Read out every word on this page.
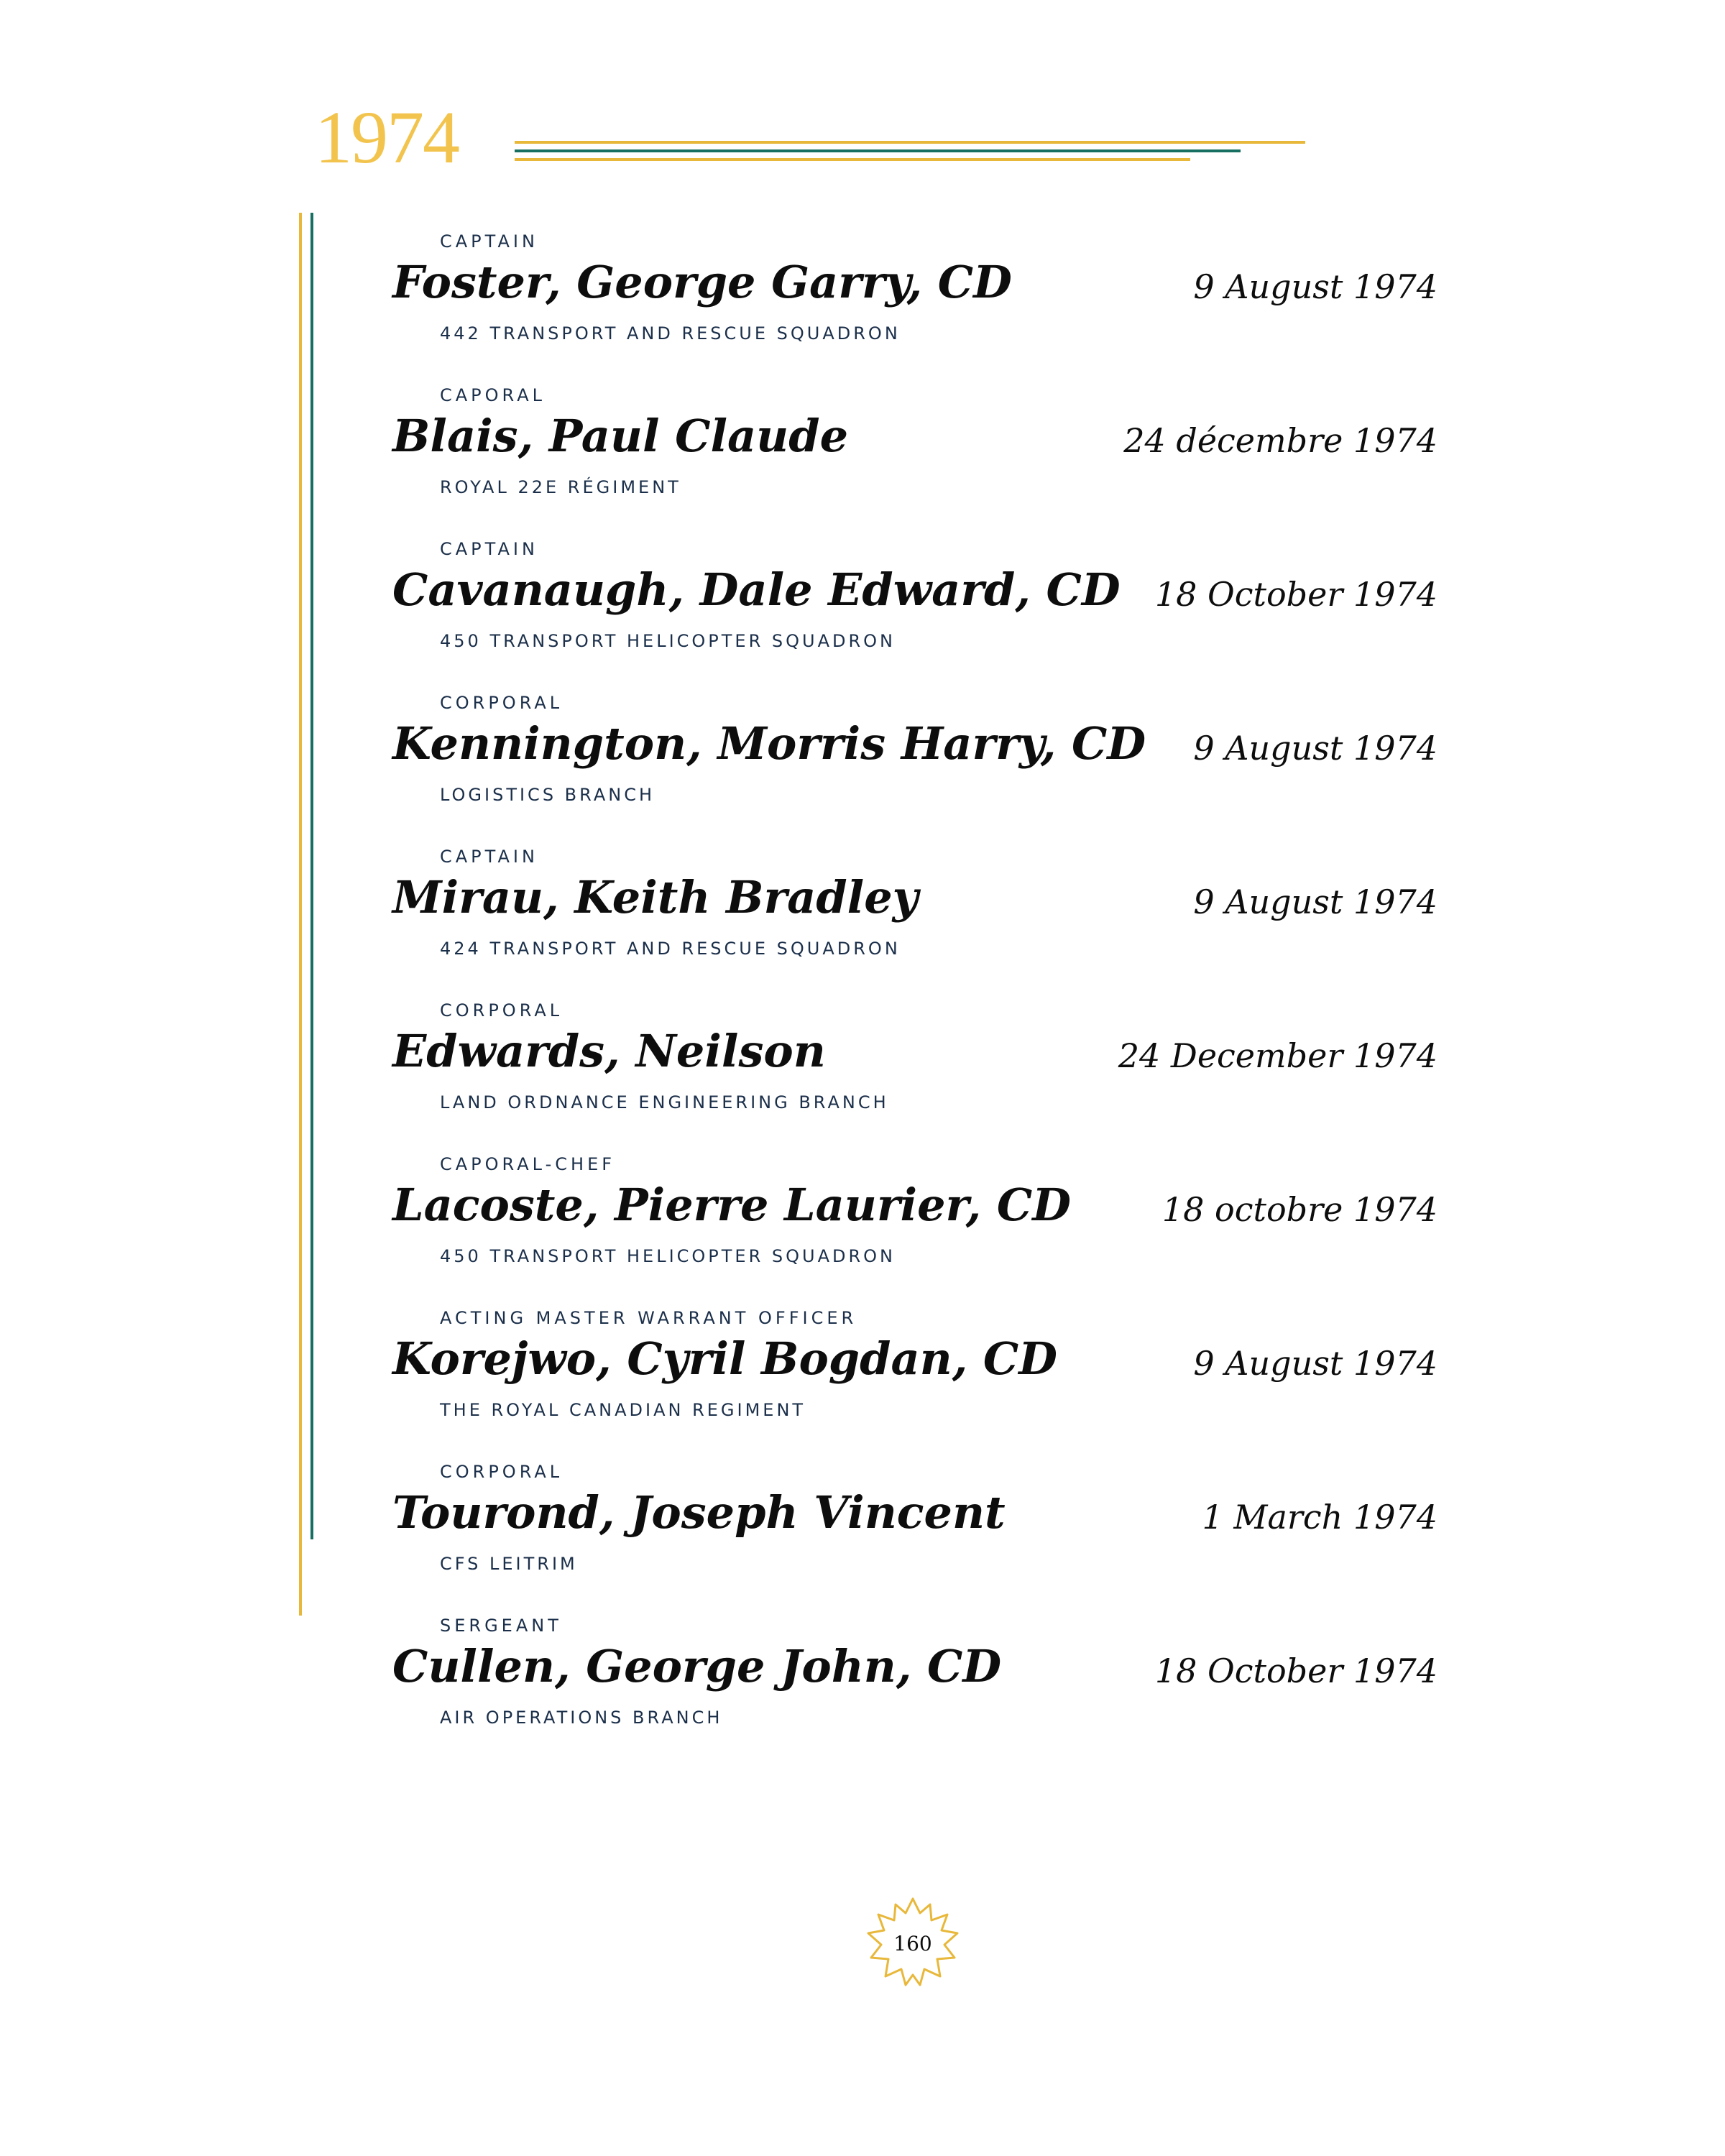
1974
CAPTAIN
Foster, George Garry, CD
442 TRANSPORT AND RESCUE SQUADRON
9 August 1974
CAPORAL
Blais, Paul Claude
ROYAL 22E RÉGIMENT
24 décembre 1974
CAPTAIN
Cavanaugh, Dale Edward, CD
450 TRANSPORT HELICOPTER SQUADRON
18 October 1974
CORPORAL
Kennington, Morris Harry, CD
LOGISTICS BRANCH
9 August 1974
CAPTAIN
Mirau, Keith Bradley
424 TRANSPORT AND RESCUE SQUADRON
9 August 1974
CORPORAL
Edwards, Neilson
LAND ORDNANCE ENGINEERING BRANCH
24 December 1974
CAPORAL-CHEF
Lacoste, Pierre Laurier, CD
450 TRANSPORT HELICOPTER SQUADRON
18 octobre 1974
ACTING MASTER WARRANT OFFICER
Korejwo, Cyril Bogdan, CD
THE ROYAL CANADIAN REGIMENT
9 August 1974
CORPORAL
Tourond, Joseph Vincent
CFS LEITRIM
1 March 1974
SERGEANT
Cullen, George John, CD
AIR OPERATIONS BRANCH
18 October 1974
160
